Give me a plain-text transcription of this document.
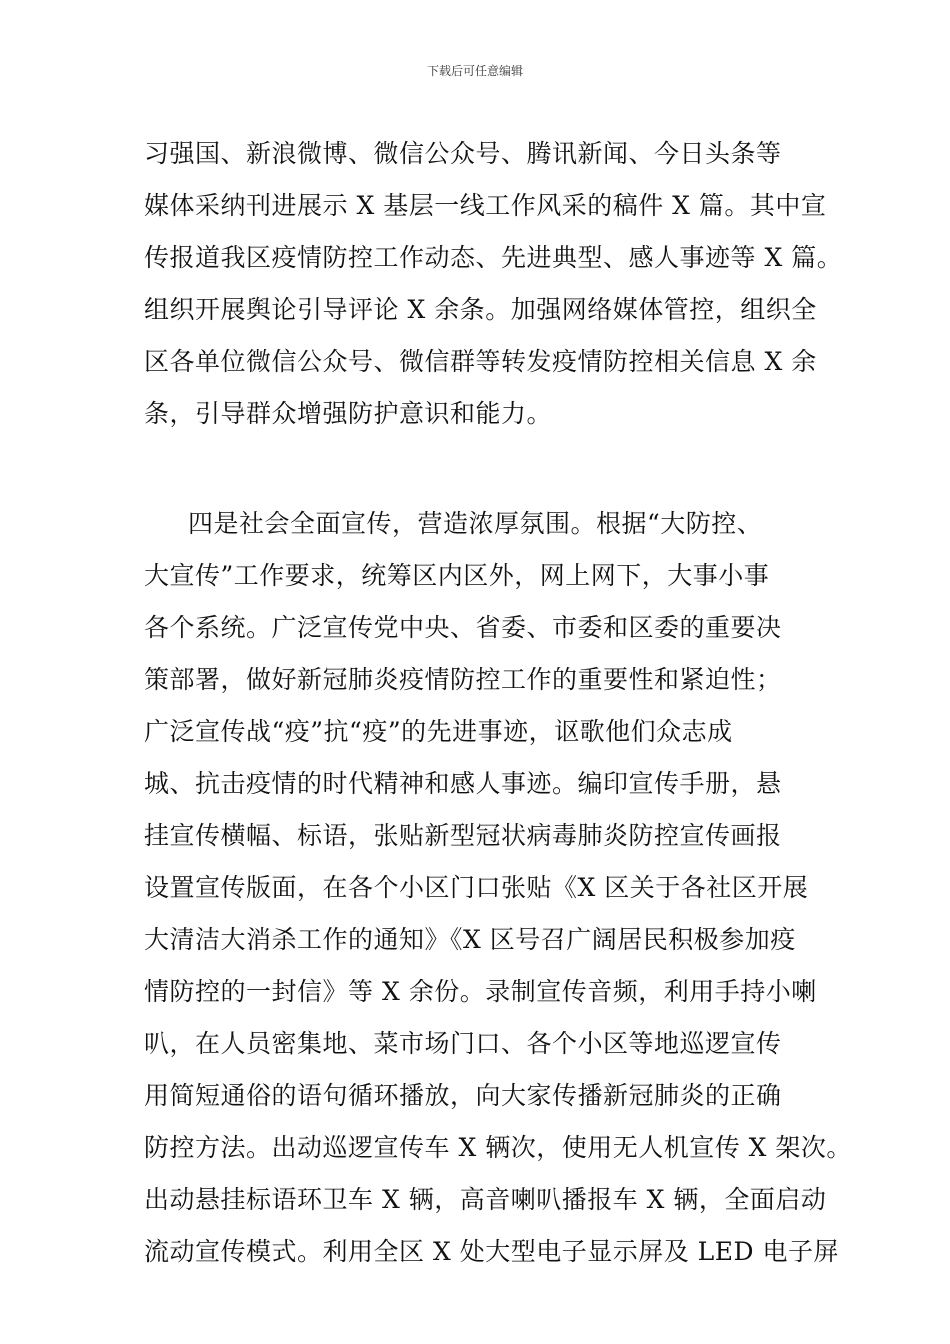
下载后可任意编辑
习强国、新浪微博、微信公众号、腾讯新闻、今日头条等
媒体采纳刊进展示 X 基层一线工作风采的稿件 X 篇。其中宣
传报道我区疫情防控工作动态、先进典型、感人事迹等 X 篇。
组织开展舆论引导评论 X 余条。加强网络媒体管控，组织全
区各单位微信公众号、微信群等转发疫情防控相关信息 X 余
条，引导群众增强防护意识和能力。
四是社会全面宣传，营造浓厚氛围。根据“大防控、
大宣传”工作要求，统筹区内区外，网上网下，大事小事
各个系统。广泛宣传党中央、省委、市委和区委的重要决
策部署，做好新冠肺炎疫情防控工作的重要性和紧迫性；
广泛宣传战“疫”抗“疫”的先进事迹，讴歌他们众志成
城、抗击疫情的时代精神和感人事迹。编印宣传手册，悬
挂宣传横幅、标语，张贴新型冠状病毒肺炎防控宣传画报
设置宣传版面，在各个小区门口张贴《X 区关于各社区开展
大清洁大消杀工作的通知》《X 区号召广阔居民积极参加疫
情防控的一封信》等 X 余份。录制宣传音频，利用手持小喇
叭，在人员密集地、菜市场门口、各个小区等地巡逻宣传
用简短通俗的语句循环播放，向大家传播新冠肺炎的正确
防控方法。出动巡逻宣传车 X 辆次，使用无人机宣传 X 架次。
出动悬挂标语环卫车 X 辆，高音喇叭播报车 X 辆，全面启动
流动宣传模式。利用全区 X 处大型电子显示屏及 LED 电子屏
